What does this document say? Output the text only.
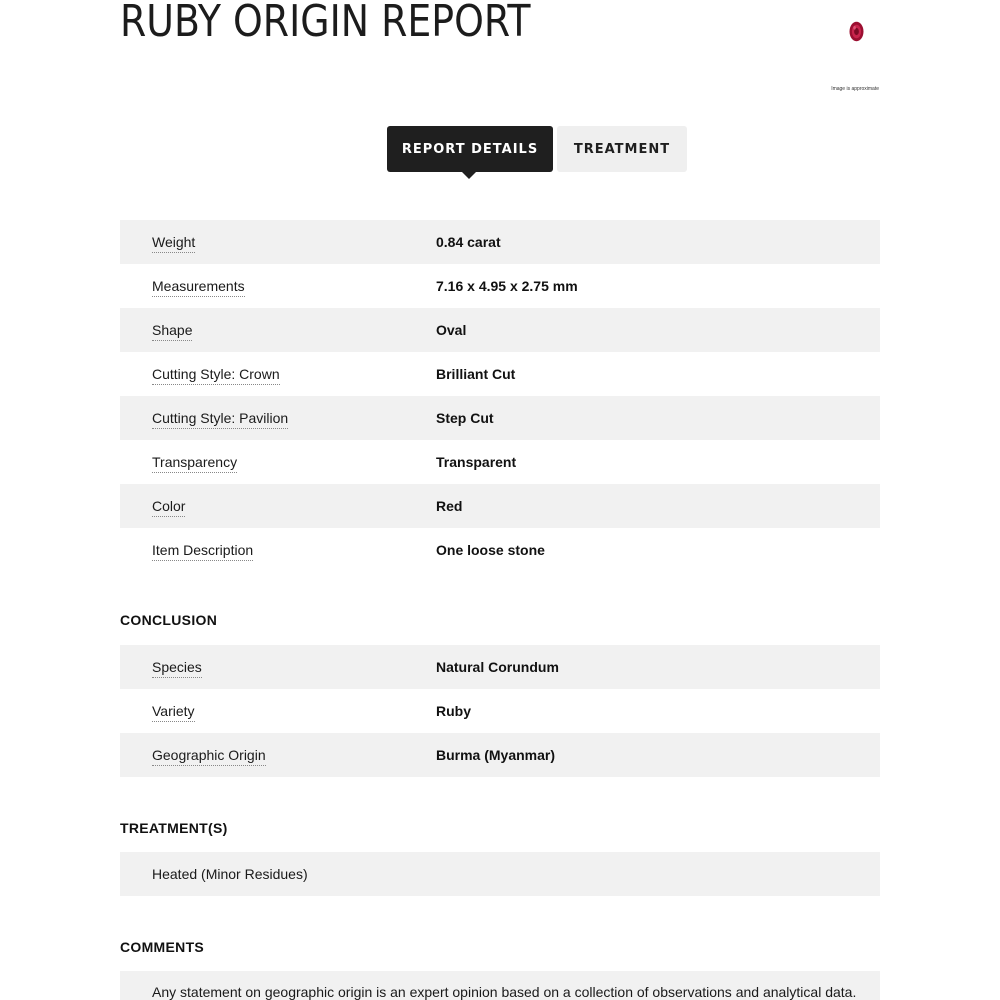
RUBY ORIGIN REPORT
Image is approximate
REPORT DETAILS	TREATMENT
Weight	0.84 carat
Measurements	7.16 x 4.95 x 2.75 mm
Shape	Oval
Cutting Style: Crown	Brilliant Cut
Cutting Style: Pavilion	Step Cut
Transparency	Transparent
Color	Red
Item Description	One loose stone
CONCLUSION
Species	Natural Corundum
Variety	Ruby
Geographic Origin	Burma (Myanmar)
TREATMENT(S)
Heated (Minor Residues)
COMMENTS
Any statement on geographic origin is an expert opinion based on a collection of observations and analytical data.
